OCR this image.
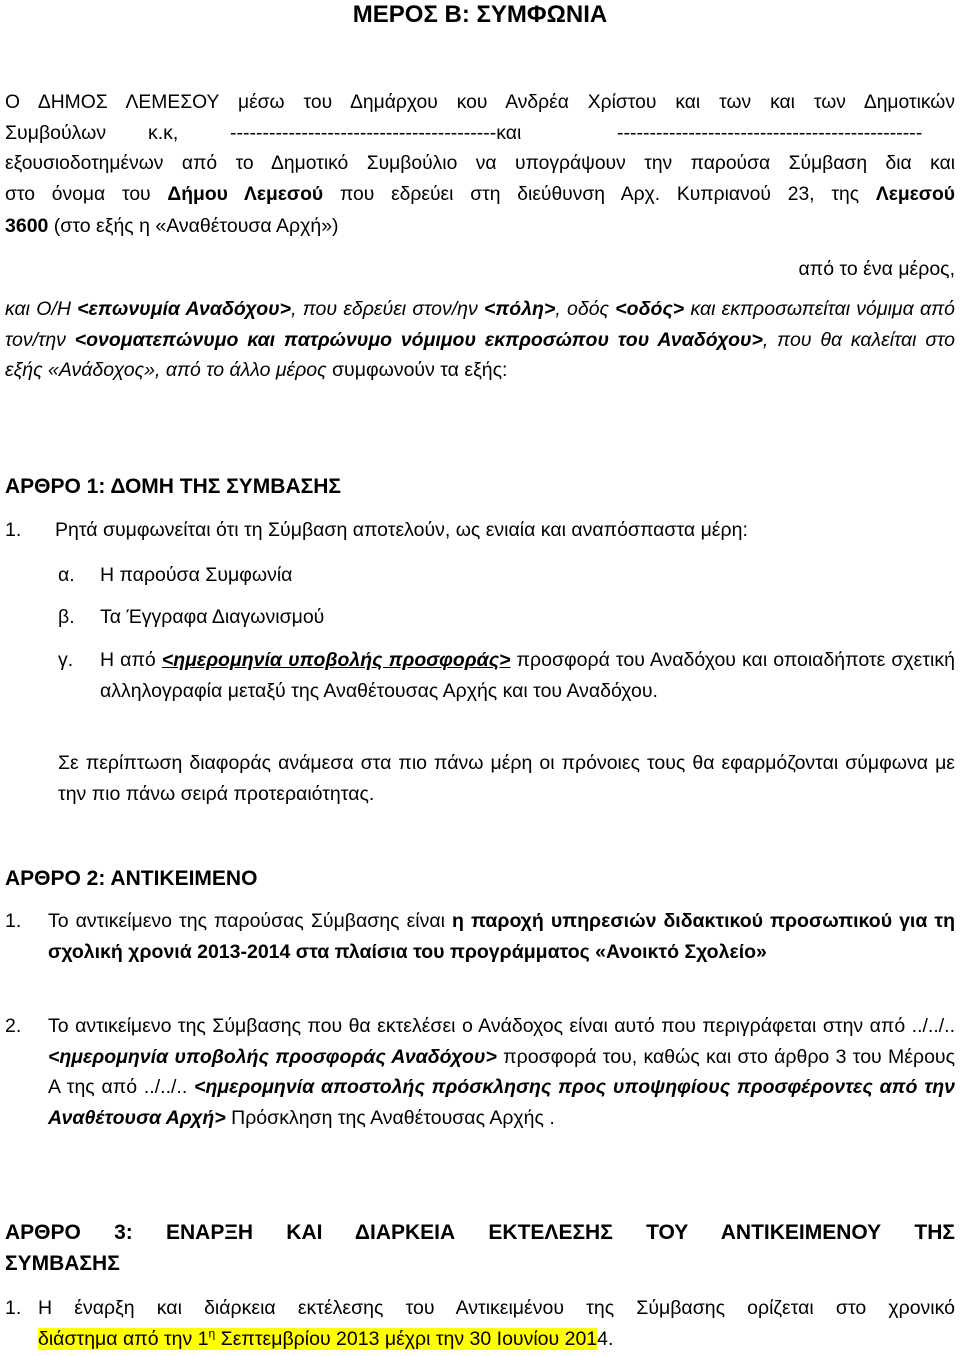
ΜΕΡΟΣ Β: ΣΥΜΦΩΝΙΑ
Ο ΔΗΜΟΣ ΛΕΜΕΣΟΥ μέσω του Δημάρχου κου Ανδρέα Χρίστου και των και των Δημοτικών
Συμβούλων κ.κ,	-----------------------------------------και	-----------------------------------------------
εξουσιοδοτημένων από το Δημοτικό Συμβούλιο να υπογράψουν την παρούσα Σύμβαση δια και
στο όνομα του Δήμου Λεμεσού που εδρεύει στη διεύθυνση Αρχ. Κυπριανού 23, της Λεμεσού
3600 (στο εξής η «Αναθέτουσα Αρχή»)
από το ένα μέρος,
και Ο/Η <επωνυμία Αναδόχου>, που εδρεύει στον/ην <πόλη>, οδός <οδός> και εκπροσωπείται νόμιμα από τον/την <ονοματεπώνυμο και πατρώνυμο νόμιμου εκπροσώπου του Αναδόχου>, που θα καλείται στο εξής «Ανάδοχος», από το άλλο μέρος συμφωνούν τα εξής:
ΑΡΘΡΟ 1: ΔΟΜΗ ΤΗΣ ΣΥΜΒΑΣΗΣ
1. Ρητά συμφωνείται ότι τη Σύμβαση αποτελούν, ως ενιαία και αναπόσπαστα μέρη:
α. Η παρούσα Συμφωνία
β. Τα Έγγραφα Διαγωνισμού
γ. Η από <ημερομηνία υποβολής προσφοράς> προσφορά του Αναδόχου και οποιαδήποτε σχετική αλληλογραφία μεταξύ της Αναθέτουσας Αρχής και του Αναδόχου.
Σε περίπτωση διαφοράς ανάμεσα στα πιο πάνω μέρη οι πρόνοιες τους θα εφαρμόζονται σύμφωνα με την πιο πάνω σειρά προτεραιότητας.
ΑΡΘΡΟ 2: ΑΝΤΙΚΕΙΜΕΝΟ
1. Το αντικείμενο της παρούσας Σύμβασης είναι η παροχή υπηρεσιών διδακτικού προσωπικού για τη σχολική χρονιά 2013-2014 στα πλαίσια του προγράμματος «Ανοικτό Σχολείο»
2. Το αντικείμενο της Σύμβασης που θα εκτελέσει ο Ανάδοχος είναι αυτό που περιγράφεται στην από ../../.. <ημερομηνία υποβολής προσφοράς Αναδόχου> προσφορά του, καθώς και στο άρθρο 3 του Μέρους Α της από ../../.. <ημερομηνία αποστολής πρόσκλησης προς υποψηφίους προσφέροντες από την Αναθέτουσα Αρχή> Πρόσκληση της Αναθέτουσας Αρχής .
ΑΡΘΡΟ 3: ΕΝΑΡΞΗ ΚΑΙ ΔΙΑΡΚΕΙΑ ΕΚΤΕΛΕΣΗΣ ΤΟΥ ΑΝΤΙΚΕΙΜΕΝΟΥ ΤΗΣ
ΣΥΜΒΑΣΗΣ
1. Η έναρξη και διάρκεια εκτέλεσης του Αντικειμένου της Σύμβασης ορίζεται στο χρονικό
διάστημα από την $1^\eta$ Σεπτεμβρίου 2013 μέχρι την 30 Ιουνίου 2014.
